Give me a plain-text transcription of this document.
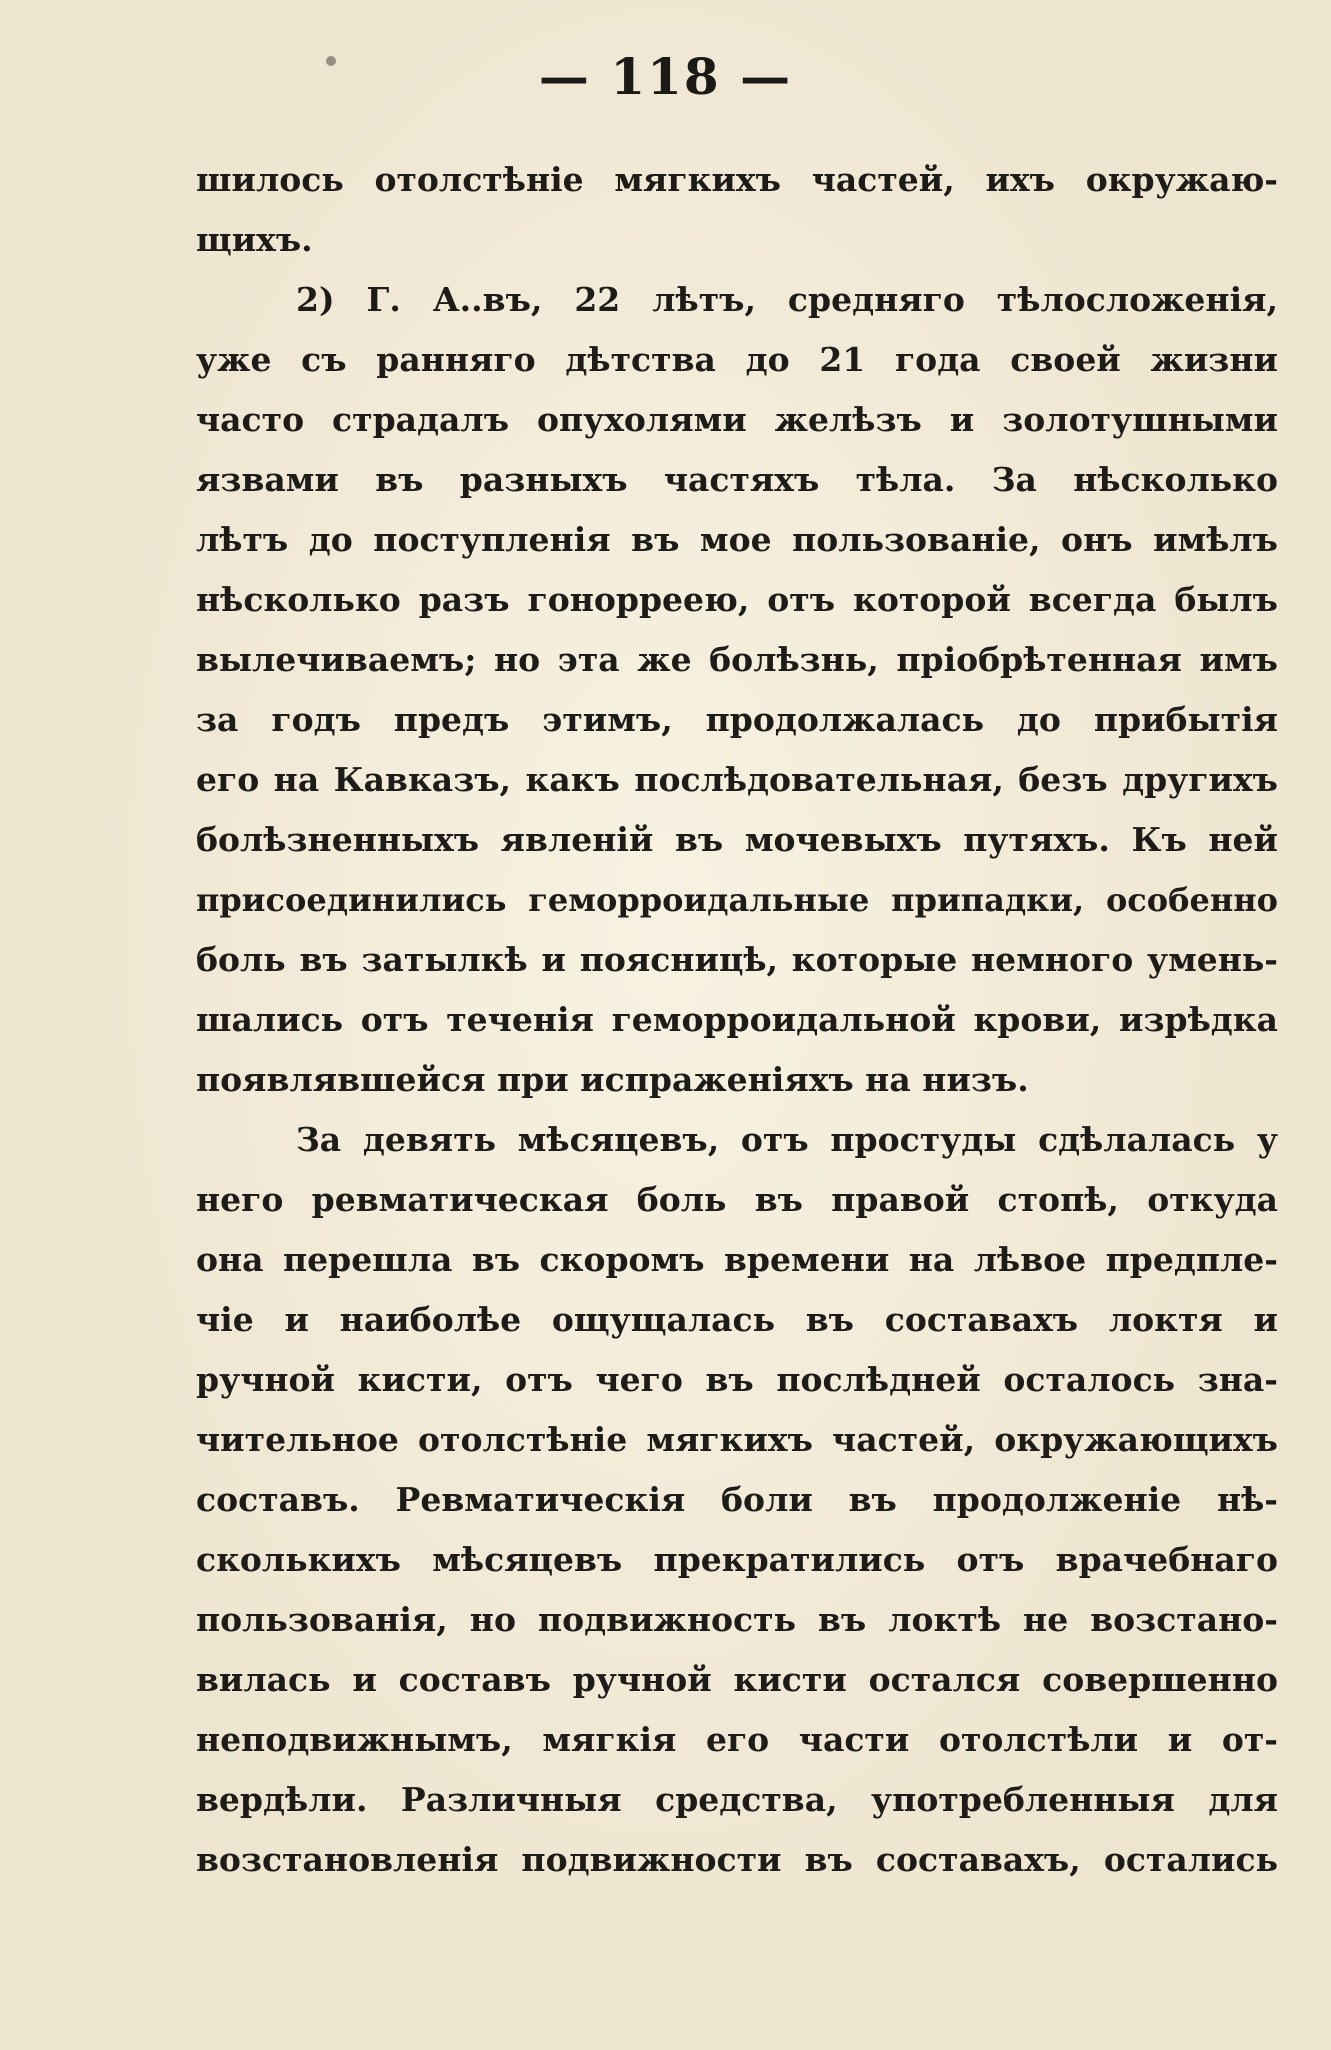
— 118 —
шилось отолстѣніе мягкихъ частей, ихъ окружаю-
щихъ.
2) Г. А..въ, 22 лѣтъ, средняго тѣлосложенія,
уже съ ранняго дѣтства до 21 года своей жизни
часто страдалъ опухолями желѣзъ и золотушными
язвами въ разныхъ частяхъ тѣла. За нѣсколько
лѣтъ до поступленія въ мое пользованіе, онъ имѣлъ
нѣсколько разъ гонорреею, отъ которой всегда былъ
вылечиваемъ; но эта же болѣзнь, пріобрѣтенная имъ
за годъ предъ этимъ, продолжалась до прибытія
его на Кавказъ, какъ послѣдовательная, безъ другихъ
болѣзненныхъ явленій въ мочевыхъ путяхъ. Къ ней
присоединились геморроидальные припадки, особенно
боль въ затылкѣ и поясницѣ, которые немного умень-
шались отъ теченія геморроидальной крови, изрѣдка
появлявшейся при испраженіяхъ на низъ.
За девять мѣсяцевъ, отъ простуды сдѣлалась у
него ревматическая боль въ правой стопѣ, откуда
она перешла въ скоромъ времени на лѣвое предпле-
чіе и наиболѣе ощущалась въ составахъ локтя и
ручной кисти, отъ чего въ послѣдней осталось зна-
чительное отолстѣніе мягкихъ частей, окружающихъ
составъ. Ревматическія боли въ продолженіе нѣ-
сколькихъ мѣсяцевъ прекратились отъ врачебнаго
пользованія, но подвижность въ локтѣ не возстано-
вилась и составъ ручной кисти остался совершенно
неподвижнымъ, мягкія его части отолстѣли и от-
вердѣли. Различныя средства, употребленныя для
возстановленія подвижности въ составахъ, остались
